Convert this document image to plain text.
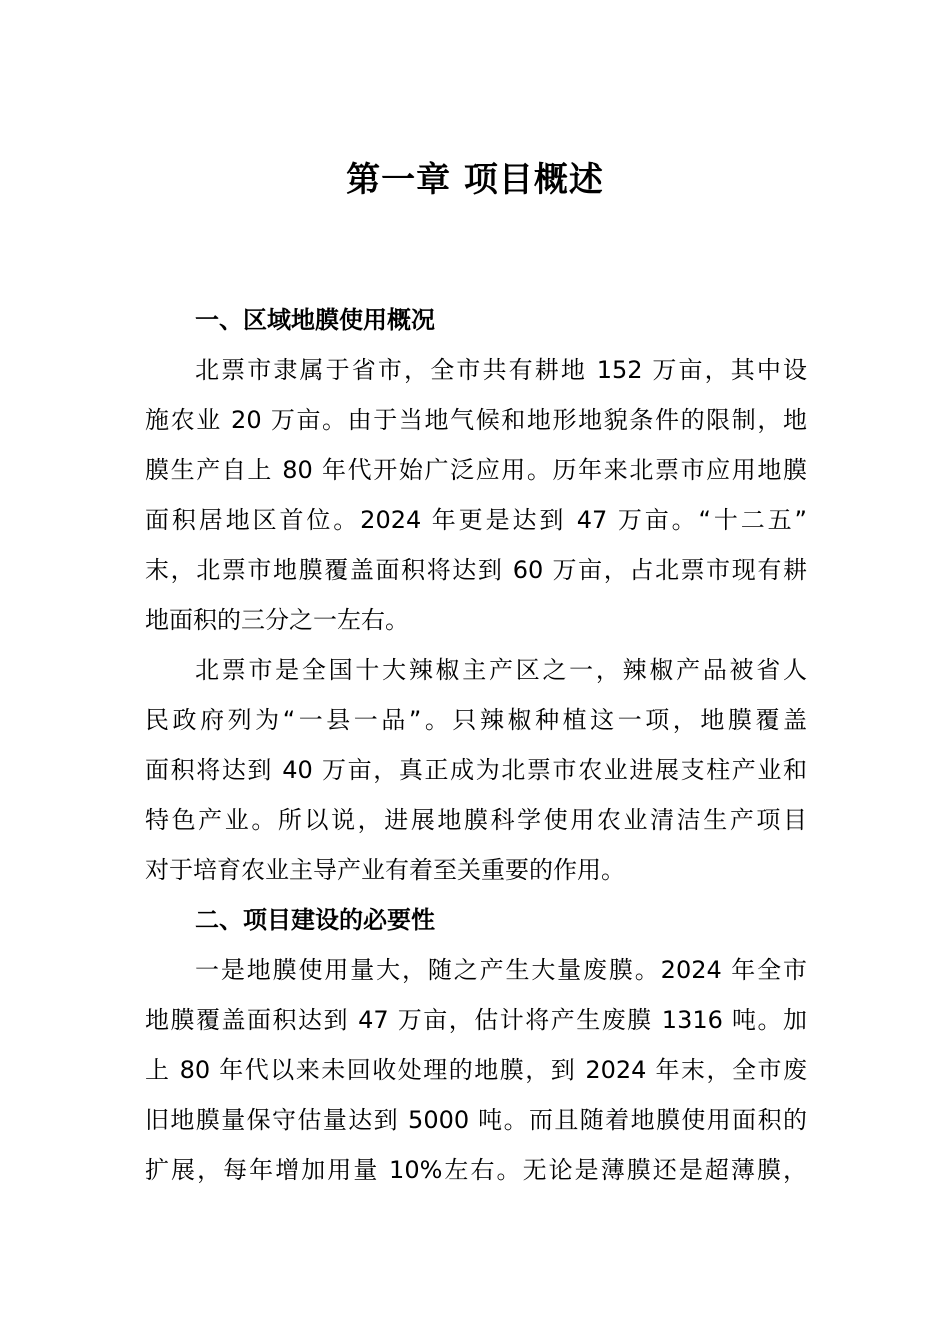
第一章 项目概述

一、区域地膜使用概况

北票市隶属于省市，全市共有耕地 152 万亩，其中设

施农业 20 万亩。由于当地气候和地形地貌条件的限制，地

膜生产自上 80 年代开始广泛应用。历年来北票市应用地膜

面积居地区首位。2024 年更是达到 47 万亩。“十二五”

末，北票市地膜覆盖面积将达到 60 万亩，占北票市现有耕

地面积的三分之一左右。

北票市是全国十大辣椒主产区之一，辣椒产品被省人

民政府列为“一县一品”。只辣椒种植这一项，地膜覆盖

面积将达到 40 万亩，真正成为北票市农业进展支柱产业和

特色产业。所以说，进展地膜科学使用农业清洁生产项目

对于培育农业主导产业有着至关重要的作用。

二、项目建设的必要性

一是地膜使用量大，随之产生大量废膜。2024 年全市

地膜覆盖面积达到 47 万亩，估计将产生废膜 1316 吨。加

上 80 年代以来未回收处理的地膜，到 2024 年末，全市废

旧地膜量保守估量达到 5000 吨。而且随着地膜使用面积的

扩展，每年增加用量 10%左右。无论是薄膜还是超薄膜，
